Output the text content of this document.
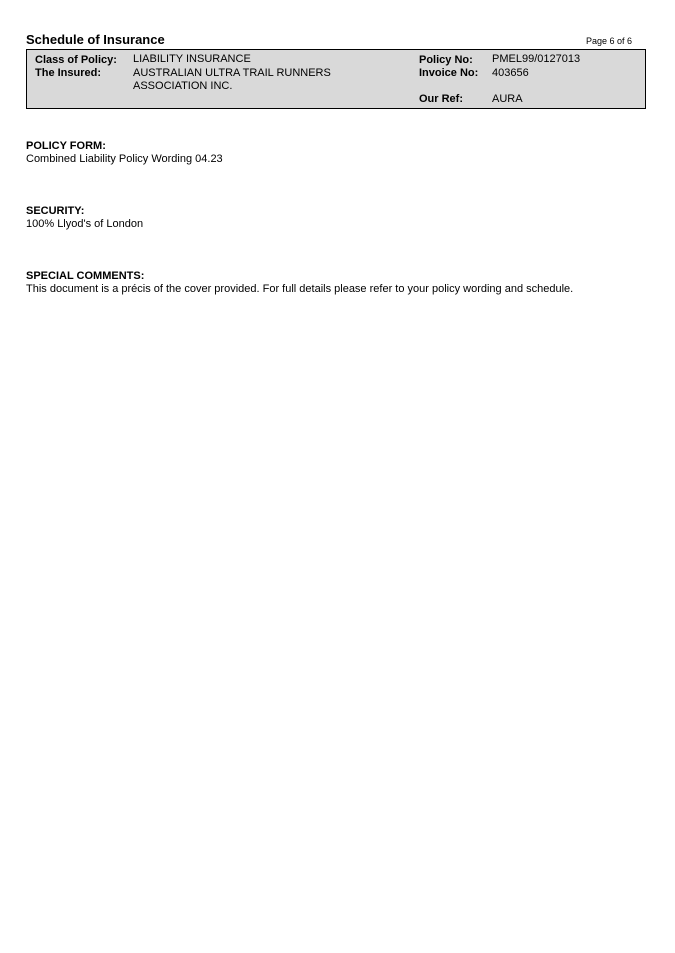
Schedule of Insurance	Page 6 of 6
Class of Policy: LIABILITY INSURANCE
The Insured:	AUSTRALIAN ULTRA TRAIL RUNNERS
ASSOCIATION INC.
Policy No: PMEL99/0127013
Invoice No: 403656
Our Ref:	AURA
POLICY FORM:
Combined Liability Policy Wording 04.23
SECURITY:
100% Llyod's of London
SPECIAL COMMENTS:
This document is a précis of the cover provided. For full details please refer to your policy wording and schedule.
